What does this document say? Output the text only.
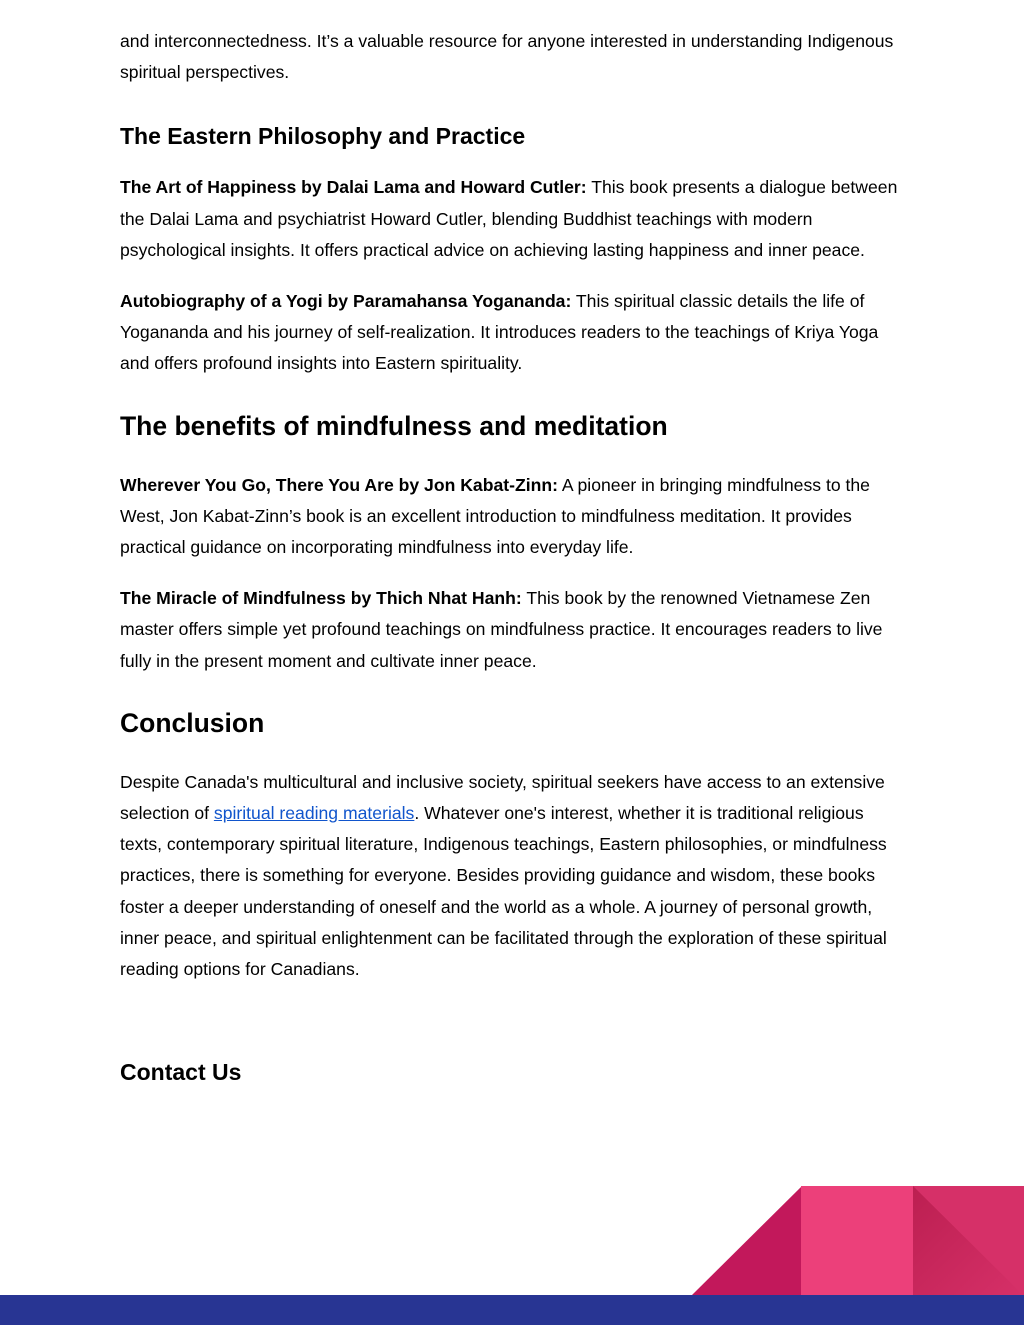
and interconnectedness. It’s a valuable resource for anyone interested in understanding Indigenous spiritual perspectives.

The Eastern Philosophy and Practice

The Art of Happiness by Dalai Lama and Howard Cutler: This book presents a dialogue between the Dalai Lama and psychiatrist Howard Cutler, blending Buddhist teachings with modern psychological insights. It offers practical advice on achieving lasting happiness and inner peace.

Autobiography of a Yogi by Paramahansa Yogananda: This spiritual classic details the life of Yogananda and his journey of self-realization. It introduces readers to the teachings of Kriya Yoga and offers profound insights into Eastern spirituality.

The benefits of mindfulness and meditation

Wherever You Go, There You Are by Jon Kabat-Zinn: A pioneer in bringing mindfulness to the West, Jon Kabat-Zinn’s book is an excellent introduction to mindfulness meditation. It provides practical guidance on incorporating mindfulness into everyday life.

The Miracle of Mindfulness by Thich Nhat Hanh: This book by the renowned Vietnamese Zen master offers simple yet profound teachings on mindfulness practice. It encourages readers to live fully in the present moment and cultivate inner peace.

Conclusion

Despite Canada's multicultural and inclusive society, spiritual seekers have access to an extensive selection of spiritual reading materials. Whatever one's interest, whether it is traditional religious texts, contemporary spiritual literature, Indigenous teachings, Eastern philosophies, or mindfulness practices, there is something for everyone. Besides providing guidance and wisdom, these books foster a deeper understanding of oneself and the world as a whole. A journey of personal growth, inner peace, and spiritual enlightenment can be facilitated through the exploration of these spiritual reading options for Canadians.

Contact Us
